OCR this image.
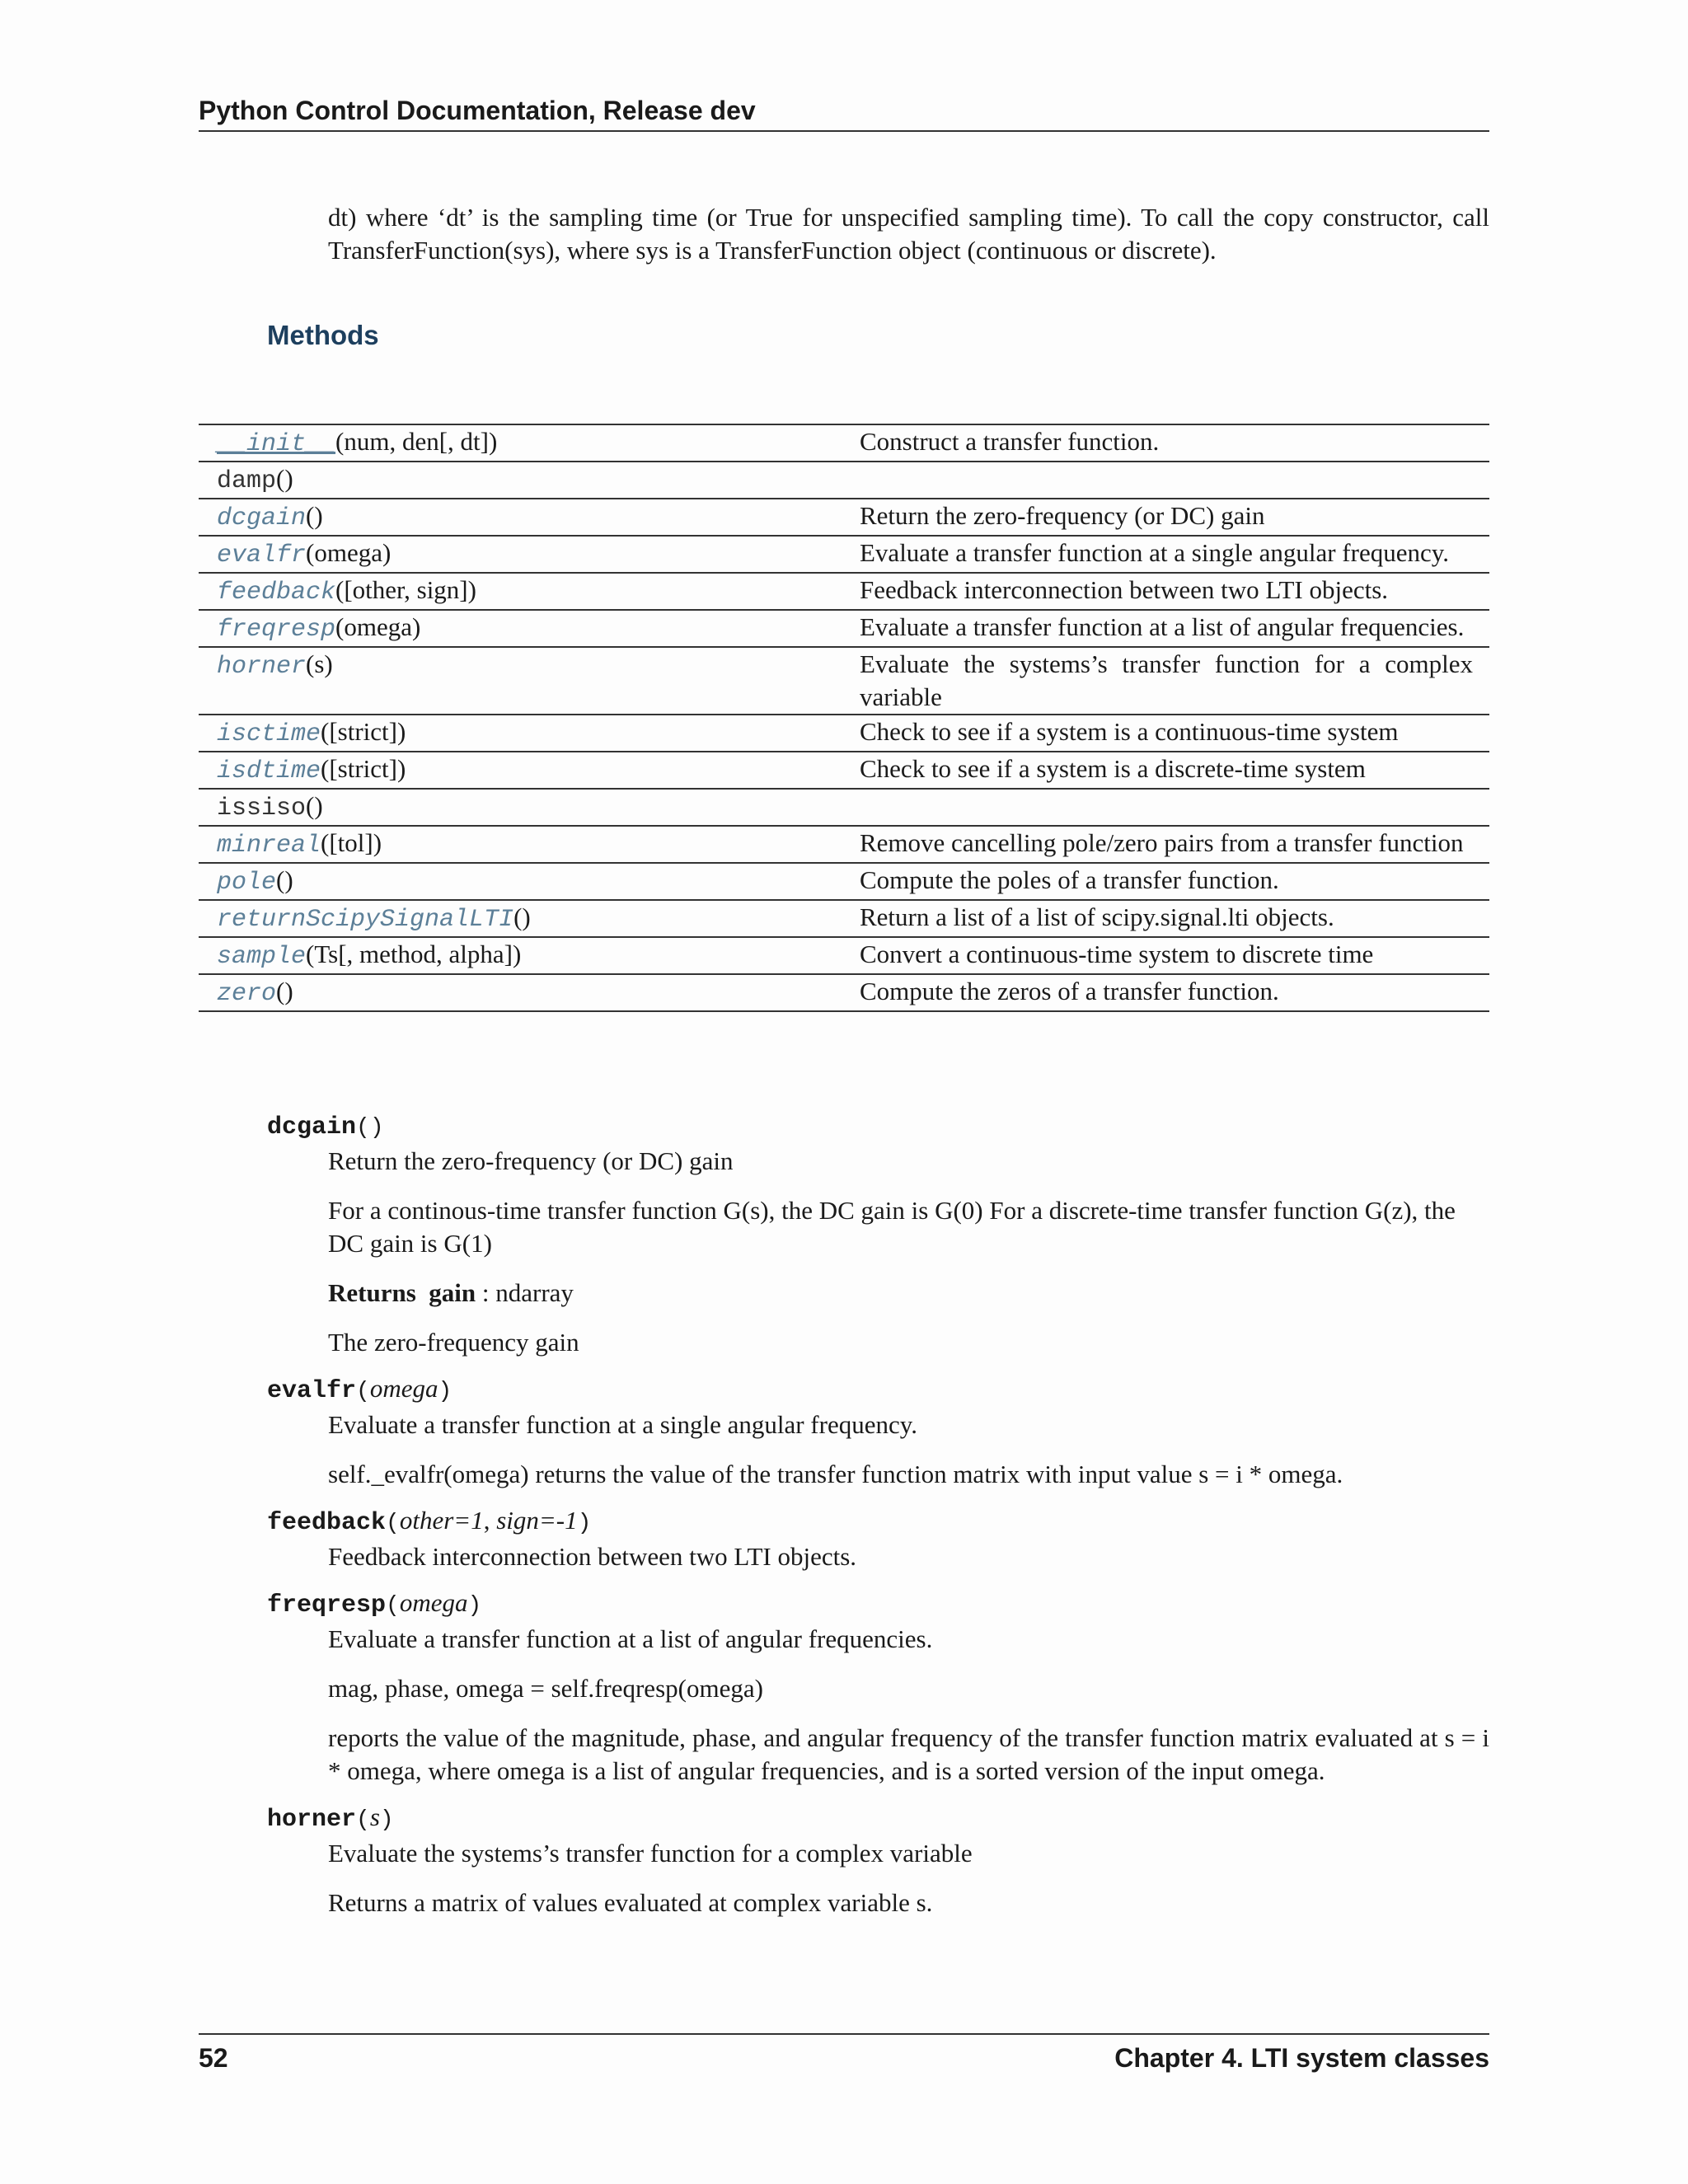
Python Control Documentation, Release dev
dt) where ‘dt’ is the sampling time (or True for unspecified sampling time). To call the copy constructor, call TransferFunction(sys), where sys is a TransferFunction object (continuous or discrete).
Methods
__init__(num, den[, dt])	Construct a transfer function.
damp()	
dcgain()	Return the zero-frequency (or DC) gain
evalfr(omega)	Evaluate a transfer function at a single angular frequency.
feedback([other, sign])	Feedback interconnection between two LTI objects.
freqresp(omega)	Evaluate a transfer function at a list of angular frequencies.
horner(s)	Evaluate the systems’s transfer function for a complex variable
isctime([strict])	Check to see if a system is a continuous-time system
isdtime([strict])	Check to see if a system is a discrete-time system
issiso()	
minreal([tol])	Remove cancelling pole/zero pairs from a transfer function
pole()	Compute the poles of a transfer function.
returnScipySignalLTI()	Return a list of a list of scipy.signal.lti objects.
sample(Ts[, method, alpha])	Convert a continuous-time system to discrete time
zero()	Compute the zeros of a transfer function.

dcgain()

Return the zero-frequency (or DC) gain

For a continous-time transfer function G(s), the DC gain is G(0) For a discrete-time transfer function G(z), the DC gain is G(1)

Returns gain : ndarray

The zero-frequency gain

evalfr(omega)

Evaluate a transfer function at a single angular frequency.

self._evalfr(omega) returns the value of the transfer function matrix with input value s = i * omega.

feedback(other=1, sign=-1)

Feedback interconnection between two LTI objects.

freqresp(omega)

Evaluate a transfer function at a list of angular frequencies.

mag, phase, omega = self.freqresp(omega)

reports the value of the magnitude, phase, and angular frequency of the transfer function matrix evaluated at s = i * omega, where omega is a list of angular frequencies, and is a sorted version of the input omega.

horner(s)

Evaluate the systems’s transfer function for a complex variable

Returns a matrix of values evaluated at complex variable s.

52	Chapter 4. LTI system classes
